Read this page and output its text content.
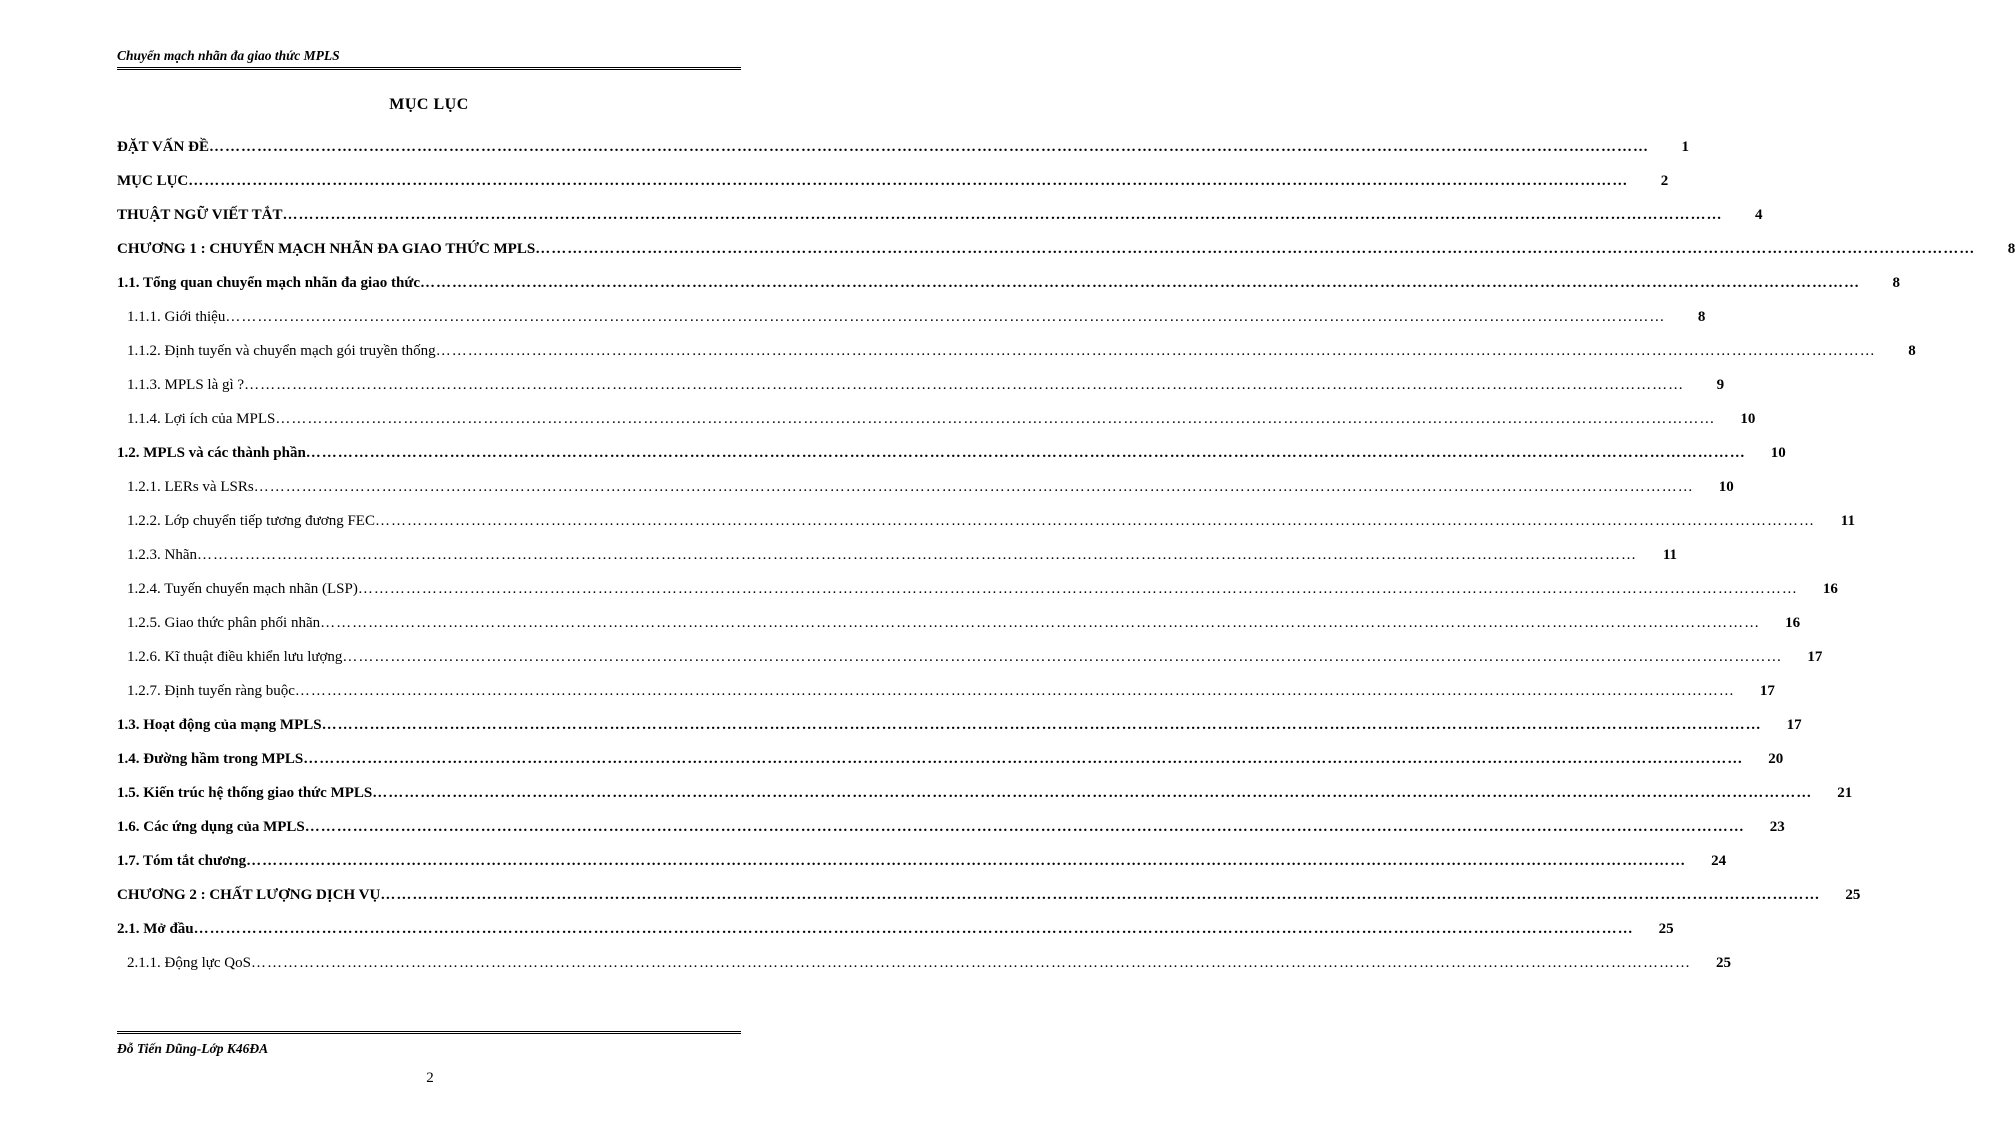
Chuyển mạch nhãn đa giao thức MPLS
MỤC LỤC
ĐẶT VẤN ĐỀ………………………………………………………………………………………………………………………………………………………………………………………………………………………………………………	1
MỤC LỤC………………………………………………………………………………………………………………………………………………………………………………………………………………………………………………	2
THUẬT NGỮ VIẾT TẮT………………………………………………………………………………………………………………………………………………………………………………………………………………………………………………	4
CHƯƠNG 1 : CHUYỂN MẠCH NHÃN ĐA GIAO THỨC MPLS………………………………………………………………………………………………………………………………………………………………………………………………………………………………………………	8
1.1. Tổng quan chuyển mạch nhãn đa giao thức………………………………………………………………………………………………………………………………………………………………………………………………………………………………………………	8
1.1.1. Giới thiệu………………………………………………………………………………………………………………………………………………………………………………………………………………………………………………	8
1.1.2. Định tuyến và chuyển mạch gói truyền thống………………………………………………………………………………………………………………………………………………………………………………………………………………………………………………	8
1.1.3. MPLS là gì ?………………………………………………………………………………………………………………………………………………………………………………………………………………………………………………	9
1.1.4. Lợi ích của MPLS………………………………………………………………………………………………………………………………………………………………………………………………………………………………………………	10
1.2. MPLS và các thành phần………………………………………………………………………………………………………………………………………………………………………………………………………………………………………………	10
1.2.1. LERs và LSRs………………………………………………………………………………………………………………………………………………………………………………………………………………………………………………	10
1.2.2. Lớp chuyển tiếp tương đương FEC………………………………………………………………………………………………………………………………………………………………………………………………………………………………………………	11
1.2.3. Nhãn………………………………………………………………………………………………………………………………………………………………………………………………………………………………………………	11
1.2.4. Tuyến chuyển mạch nhãn (LSP)………………………………………………………………………………………………………………………………………………………………………………………………………………………………………………	16
1.2.5. Giao thức phân phối nhãn………………………………………………………………………………………………………………………………………………………………………………………………………………………………………………	16
1.2.6. Kĩ thuật điều khiển lưu lượng………………………………………………………………………………………………………………………………………………………………………………………………………………………………………………	17
1.2.7. Định tuyến ràng buộc………………………………………………………………………………………………………………………………………………………………………………………………………………………………………………	17
1.3. Hoạt động của mạng MPLS………………………………………………………………………………………………………………………………………………………………………………………………………………………………………………	17
1.4. Đường hầm trong MPLS………………………………………………………………………………………………………………………………………………………………………………………………………………………………………………	20
1.5. Kiến trúc hệ thống giao thức MPLS………………………………………………………………………………………………………………………………………………………………………………………………………………………………………………	21
1.6. Các ứng dụng của MPLS………………………………………………………………………………………………………………………………………………………………………………………………………………………………………………	23
1.7. Tóm tắt chương………………………………………………………………………………………………………………………………………………………………………………………………………………………………………………	24
CHƯƠNG 2 : CHẤT LƯỢNG DỊCH VỤ………………………………………………………………………………………………………………………………………………………………………………………………………………………………………………	25
2.1. Mở đầu………………………………………………………………………………………………………………………………………………………………………………………………………………………………………………	25
2.1.1. Động lực QoS………………………………………………………………………………………………………………………………………………………………………………………………………………………………………………	25
Đỗ Tiến Dũng-Lớp K46ĐA
2
